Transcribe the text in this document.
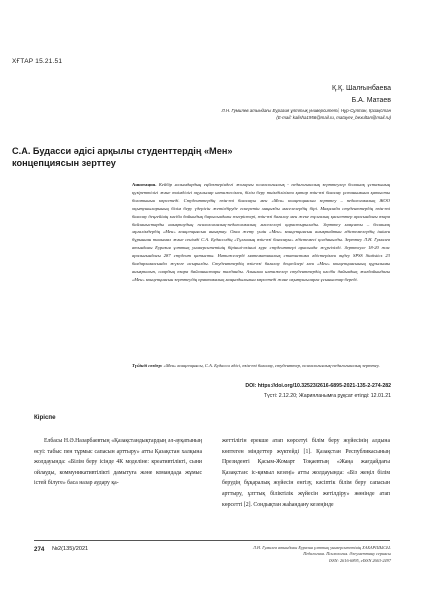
ХҒТАР 15.21.51
Қ.Қ. Шалғынбаева
Б.А. Матаев
Л.Н. Гумилев атындағы Еуразия ұлттық университеті, Нұр-Сұлтан, Қазақстан
(E-mail: kalisha1956@mail.ru, matayev_bexultan@mail.ru)
С.А. Будасси әдісі арқылы студенттердің «Мен»
концепциясын зерттеу
Аннотация. Кейбір ғалымдардың еңбектеріндегі жоғарғы психологиялық - педагогикалық зерттеулер болашақ ұстазының құзіреттілігі және тиімділігі оқушылар нәтижесімен, білім беру тиімділігімен қатар өзін-өзі бағалау ұстанымына қатысты болатынын көрсетеді. Студенттердің өзін-өзі бағалауы мен «Мен» концепциясын зерттеу – педагогикалық ЖОО оқытушыларының білім беру үдерісін жетілдіруде ескеретін маңызды мәселелердің бірі. Мақалада студенттердің өзін-өзі бағалау деңгейінің кәсіби дайындық барысындағы өзгерістері, өзін-өзі бағалау мен жеке тұлғалық қасиеттер арасындағы өзара байланыстарды анықтаудың психологиялық-педагогикалық мәселелері қарастырылады. Зерттеу мақсаты – болашақ мұғалімдердің «Мен» концепциясын анықтау. Оған жету үшін «Мен» концепциясын анықтайтын әдістемелердің ішінен бұрыннан танымал және сенімді С.А. Будассидің «Тұлғаның өзін-өзі бағалауы» әдістемесі қолданылды. Зерттеу Л.Н. Гумилев атындағы Еуразия ұлттық университетінің бірінші-екінші курс студенттері арасында жүргізілді. Зерттеуге 18-20 жас аралығындағы 287 студент қатысты. Нәтижелерді математикалық статистика әдістерімен өңдеу SPSS Statistics 23 бағдарламасында жүзеге асырылды. Студенттердің өзін-өзі бағалау деңгейлері мен «Мен» концепциясының құрылымы анықталып, олардың өзара байланыстары талданды. Алынған нәтижелер студенттердің кәсіби дайындық жағдайындағы «Мен» концепциясын зерттеудің практикалық маңыздылығын көрсетеді және оқытушыларға ұсыныстар береді.
Түйінді сөздер: «Мен» концепциясы, С.А. Будасси әдісі, өзін-өзі бағалау, студенттер, психологиялық-педагогикалық зерттеу.
DOI: https://doi.org/10.32523/2616-6895-2021-135-2-274-282
Түсті: 2.12.20; Жарияланымға рұқсат етілді: 12.01.21
Кіріспе
Елбасы Н.Ә.Назарбаевтың «Қазақстандықтардың әл-ауқатының өсуі: табыс пен тұрмыс сапасын арттыру» атты Қазақстан халқына жолдауында: «Білім беру ісінде 4К моделіне: креативтілікті, сыни ойлауды, коммуникативтілікті дамытуға және командада жұмыс істей білуге» баса назар аудару қа-
жеттілігін ерекше атап көрсетуі білім беру жүйесінің алдына көптеген міндеттер жүктейді [1]. Қазақстан Республикасының Президенті Қасым-Жомарт Тоқаевтың «Жаңа жағдайдағы Қазақстан: іс-қимыл кезеңі» атты жолдауында: «Біз жеңіл білім берудің бұқаралық жүйесін енгізу, кәсіптік білім беру сапасын арттыру, ұлттық біліктілік жүйесін жетілдіру» жөнінде атап көрсетті [2]. Сондықтан жаһандану кезеңінде
274 №2(135)/2021	Л.Н. Гумилев атындағы Еуразия ұлттық университетінің ХАБАРШЫСЫ.
Педагогика. Психология. Әлеуметтану сериясы
ISSN: 2616-6895, eISSN 2663-2497
